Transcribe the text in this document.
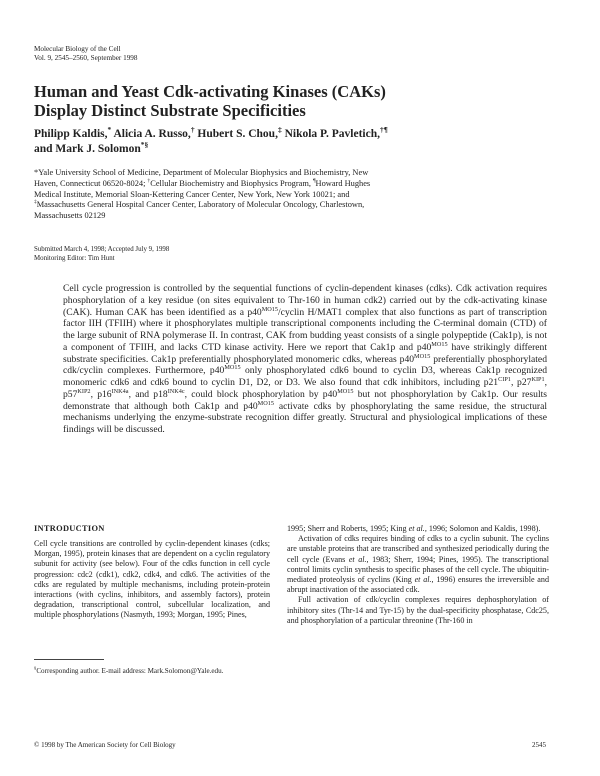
Molecular Biology of the Cell
Vol. 9, 2545–2560, September 1998
Human and Yeast Cdk-activating Kinases (CAKs)
Display Distinct Substrate Specificities
Philipp Kaldis,* Alicia A. Russo,† Hubert S. Chou,‡ Nikola P. Pavletich,†¶
and Mark J. Solomon*§
*Yale University School of Medicine, Department of Molecular Biophysics and Biochemistry, New
Haven, Connecticut 06520-8024; †Cellular Biochemistry and Biophysics Program, ¶Howard Hughes
Medical Institute, Memorial Sloan-Kettering Cancer Center, New York, New York 10021; and
‡Massachusetts General Hospital Cancer Center, Laboratory of Molecular Oncology, Charlestown,
Massachusetts 02129
Submitted March 4, 1998; Accepted July 9, 1998
Monitoring Editor: Tim Hunt
Cell cycle progression is controlled by the sequential functions of cyclin-dependent kinases (cdks). Cdk activation requires phosphorylation of a key residue (on sites equivalent to Thr-160 in human cdk2) carried out by the cdk-activating kinase (CAK). Human CAK has been identified as a $p40^{MO15}$/cyclin H/MAT1 complex that also functions as part of transcription factor IIH (TFIIH) where it phosphorylates multiple transcriptional components including the C-terminal domain (CTD) of the large subunit of RNA polymerase II. In contrast, CAK from budding yeast consists of a single polypeptide (Cak1p), is not a component of TFIIH, and lacks CTD kinase activity. Here we report that Cak1p and $p40^{MO15}$ have strikingly different substrate specificities. Cak1p preferentially phosphorylated monomeric cdks, whereas $p40^{MO15}$ preferentially phosphorylated cdk/cyclin complexes. Furthermore, $p40^{MO15}$ only phosphorylated cdk6 bound to cyclin D3, whereas Cak1p recognized monomeric cdk6 and cdk6 bound to cyclin D1, D2, or D3. We also found that cdk inhibitors, including $p21^{CIP1}$, $p27^{KIP1}$, $p57^{KIP2}$, $p16^{INK4a}$, and $p18^{INK4c}$, could block phosphorylation by $p40^{MO15}$ but not phosphorylation by Cak1p. Our results demonstrate that although both Cak1p and $p40^{MO15}$ activate cdks by phosphorylating the same residue, the structural mechanisms underlying the enzyme-substrate recognition differ greatly. Structural and physiological implications of these findings will be discussed.
INTRODUCTION

Cell cycle transitions are controlled by cyclin-dependent kinases (cdks; Morgan, 1995), protein kinases that are dependent on a cyclin regulatory subunit for activity (see below). Four of the cdks function in cell cycle progression: cdc2 (cdk1), cdk2, cdk4, and cdk6. The activities of the cdks are regulated by multiple mechanisms, including protein-protein interactions (with cyclins, inhibitors, and assembly factors), protein degradation, transcriptional control, subcellular localization, and multiple phosphorylations (Nasmyth, 1993; Morgan, 1995; Pines,

1995; Sherr and Roberts, 1995; King et al., 1996; Solomon and Kaldis, 1998).

Activation of cdks requires binding of cdks to a cyclin subunit. The cyclins are unstable proteins that are transcribed and synthesized periodically during the cell cycle (Evans et al., 1983; Sherr, 1994; Pines, 1995). The transcriptional control limits cyclin synthesis to specific phases of the cell cycle. The ubiquitin-mediated proteolysis of cyclins (King et al., 1996) ensures the irreversible and abrupt inactivation of the associated cdk.

Full activation of cdk/cyclin complexes requires dephosphorylation of inhibitory sites (Thr-14 and Tyr-15) by the dual-specificity phosphatase, Cdc25, and phosphorylation of a particular threonine (Thr-160 in

§Corresponding author. E-mail address: Mark.Solomon@Yale.edu.
© 1998 by The American Society for Cell Biology	2545
